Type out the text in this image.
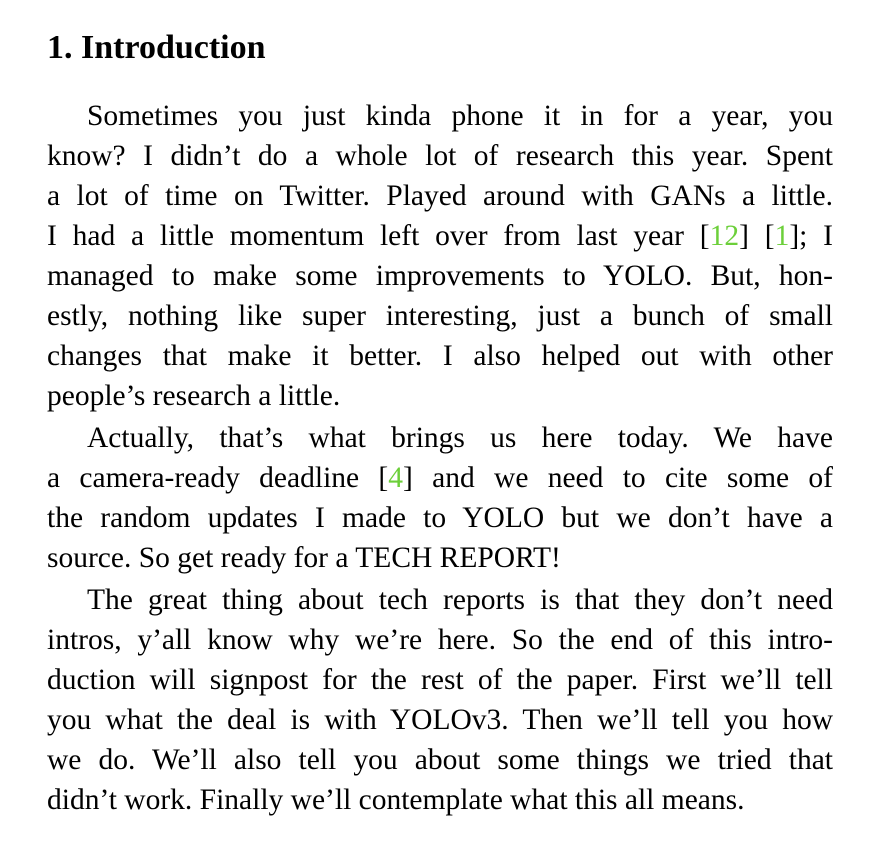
1. Introduction
Sometimes you just kinda phone it in for a year, you
know? I didn’t do a whole lot of research this year. Spent
a lot of time on Twitter. Played around with GANs a little.
I had a little momentum left over from last year [12] [1]; I
managed to make some improvements to YOLO. But, hon-
estly, nothing like super interesting, just a bunch of small
changes that make it better. I also helped out with other
people’s research a little.
Actually, that’s what brings us here today. We have
a camera-ready deadline [4] and we need to cite some of
the random updates I made to YOLO but we don’t have a
source. So get ready for a TECH REPORT!
The great thing about tech reports is that they don’t need
intros, y’all know why we’re here. So the end of this intro-
duction will signpost for the rest of the paper. First we’ll tell
you what the deal is with YOLOv3. Then we’ll tell you how
we do. We’ll also tell you about some things we tried that
didn’t work. Finally we’ll contemplate what this all means.
